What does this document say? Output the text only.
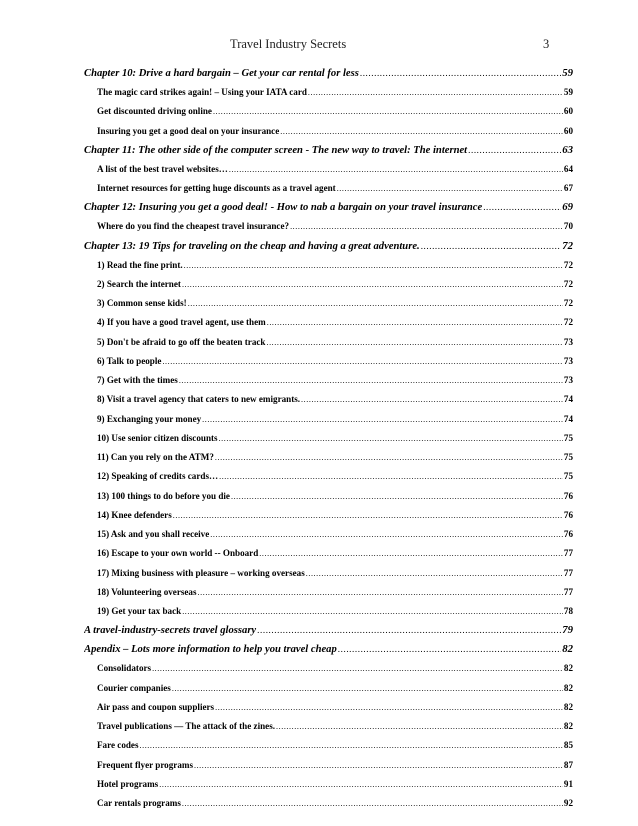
Travel Industry Secrets	3
Chapter 10: Drive a hard bargain – Get your car rental for less .....	59
The magic card strikes again! – Using your IATA card .....	59
Get discounted driving online .....	60
Insuring you get a good deal on your insurance .....	60
Chapter 11: The other side of the computer screen - The new way to travel: The internet .....	63
A list of the best travel websites… .....	64
Internet resources for getting huge discounts as a travel agent .....	67
Chapter 12: Insuring you get a good deal! - How to nab a bargain on your travel insurance .....	69
Where do you find the cheapest travel insurance? .....	70
Chapter 13: 19 Tips for traveling on the cheap and having a great adventure. .....	72
1) Read the fine print. .....	72
2) Search the internet .....	72
3) Common sense kids! .....	72
4) If you have a good travel agent, use them .....	72
5) Don't be afraid to go off the beaten track .....	73
6) Talk to people .....	73
7) Get with the times .....	73
8) Visit a travel agency that caters to new emigrants. .....	74
9) Exchanging your money .....	74
10) Use senior citizen discounts .....	75
11) Can you rely on the ATM? .....	75
12) Speaking of credits cards… .....	75
13) 100 things to do before you die .....	76
14) Knee defenders .....	76
15) Ask and you shall receive .....	76
16) Escape to your own world -- Onboard .....	77
17) Mixing business with pleasure – working overseas .....	77
18) Volunteering overseas .....	77
19) Get your tax back .....	78
A travel-industry-secrets travel glossary .....	79
Apendix – Lots more information to help you travel cheap .....	82
Consolidators .....	82
Courier companies .....	82
Air pass and coupon suppliers .....	82
Travel publications — The attack of the zines. .....	82
Fare codes .....	85
Frequent flyer programs .....	87
Hotel programs .....	91
Car rentals programs .....	92
